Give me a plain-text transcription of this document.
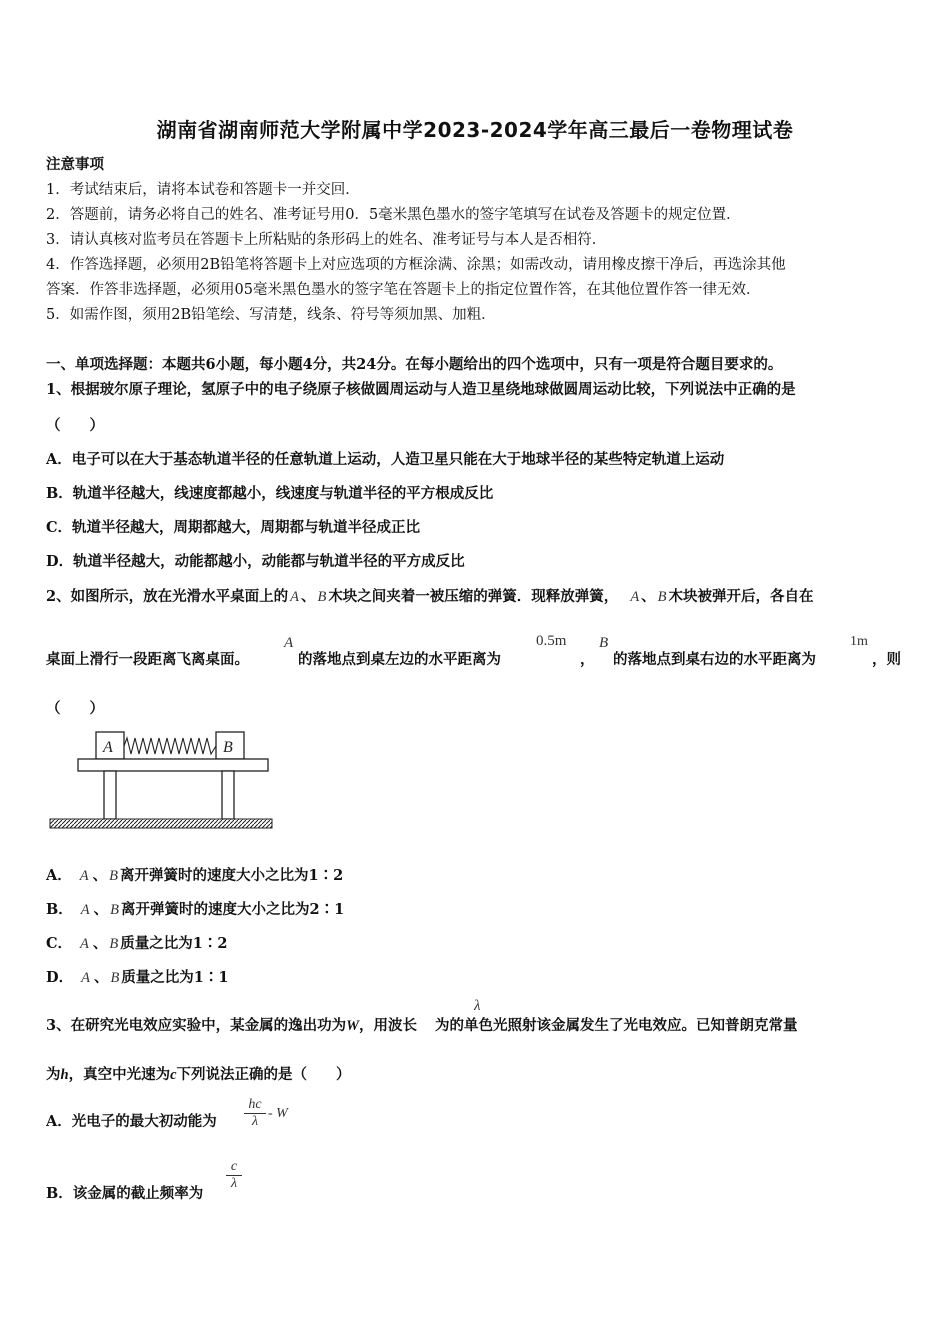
湖南省湖南师范大学附属中学2023-2024学年高三最后一卷物理试卷
注意事项
1．考试结束后，请将本试卷和答题卡一并交回．
2．答题前，请务必将自己的姓名、准考证号用0．5毫米黑色墨水的签字笔填写在试卷及答题卡的规定位置．
3．请认真核对监考员在答题卡上所粘贴的条形码上的姓名、准考证号与本人是否相符．
4．作答选择题，必须用2B铅笔将答题卡上对应选项的方框涂满、涂黑；如需改动，请用橡皮擦干净后，再选涂其他
答案．作答非选择题，必须用05毫米黑色墨水的签字笔在答题卡上的指定位置作答，在其他位置作答一律无效．
5．如需作图，须用2B铅笔绘、写清楚，线条、符号等须加黑、加粗．
一、单项选择题：本题共6小题，每小题4分，共24分。在每小题给出的四个选项中，只有一项是符合题目要求的。
1、根据玻尔原子理论，氢原子中的电子绕原子核做圆周运动与人造卫星绕地球做圆周运动比较，下列说法中正确的是
（　　）
A．电子可以在大于基态轨道半径的任意轨道上运动，人造卫星只能在大于地球半径的某些特定轨道上运动
B．轨道半径越大，线速度都越小，线速度与轨道半径的平方根成反比
C．轨道半径越大，周期都越大，周期都与轨道半径成正比
D．轨道半径越大，动能都越小，动能都与轨道半径的平方成反比
2、如图所示，放在光滑水平桌面上的 A 、 B 木块之间夹着一被压缩的弹簧．现释放弹簧， A 、 B 木块被弹开后，各自在
桌面上滑行一段距离飞离桌面。
A
的落地点到桌左边的水平距离为
0.5m
，
B
的落地点到桌右边的水平距离为
1m
，则
（　　）
A	B
A． A 、 B 离开弹簧时的速度大小之比为1∶2
B． A 、 B 离开弹簧时的速度大小之比为2∶1
C． A 、 B 质量之比为1∶2
D． A 、 B 质量之比为1∶1
3、在研究光电效应实验中，某金属的逸出功为W，用波长 为的单色光照射该金属发生了光电效应。已知普朗克常量
λ
为h，真空中光速为c下列说法正确的是（　　）
A．光电子的最大初动能为 $\frac{hc}{\lambda}$ - W
B．该金属的截止频率为
$\frac{c}{\lambda}$
